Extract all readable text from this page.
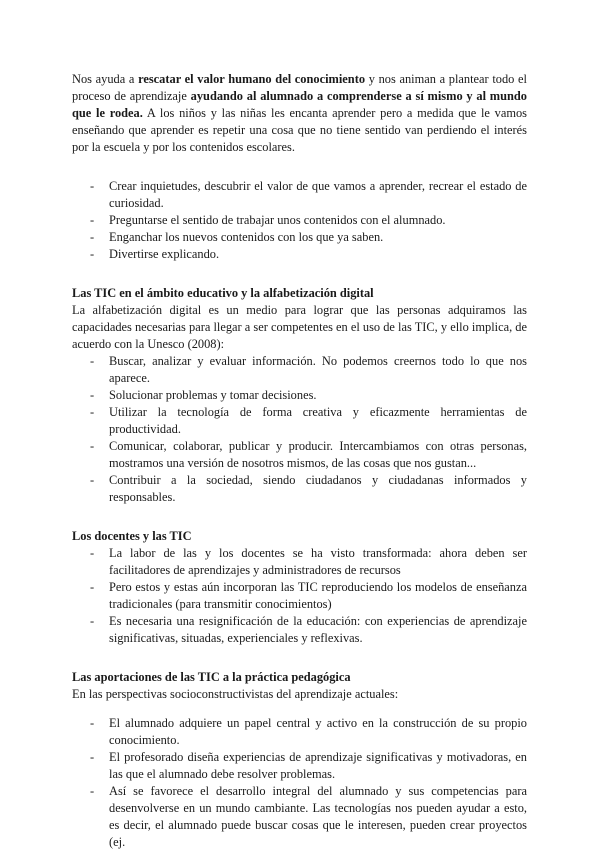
Nos ayuda a rescatar el valor humano del conocimiento y nos animan a plantear todo el proceso de aprendizaje ayudando al alumnado a comprenderse a sí mismo y al mundo que le rodea. A los niños y las niñas les encanta aprender pero a medida que le vamos enseñando que aprender es repetir una cosa que no tiene sentido van perdiendo el interés por la escuela y por los contenidos escolares.

- Crear inquietudes, descubrir el valor de que vamos a aprender, recrear el estado de curiosidad.
- Preguntarse el sentido de trabajar unos contenidos con el alumnado.
- Enganchar los nuevos contenidos con los que ya saben.
- Divertirse explicando.

Las TIC en el ámbito educativo y la alfabetización digital

La alfabetización digital es un medio para lograr que las personas adquiramos las capacidades necesarias para llegar a ser competentes en el uso de las TIC, y ello implica, de acuerdo con la Unesco (2008):

- Buscar, analizar y evaluar información. No podemos creernos todo lo que nos aparece.
- Solucionar problemas y tomar decisiones.
- Utilizar la tecnología de forma creativa y eficazmente herramientas de productividad.
- Comunicar, colaborar, publicar y producir. Intercambiamos con otras personas, mostramos una versión de nosotros mismos, de las cosas que nos gustan...
- Contribuir a la sociedad, siendo ciudadanos y ciudadanas informados y responsables.

Los docentes y las TIC

- La labor de las y los docentes se ha visto transformada: ahora deben ser facilitadores de aprendizajes y administradores de recursos
- Pero estos y estas aún incorporan las TIC reproduciendo los modelos de enseñanza tradicionales (para transmitir conocimientos)
- Es necesaria una resignificación de la educación: con experiencias de aprendizaje significativas, situadas, experienciales y reflexivas.

Las aportaciones de las TIC a la práctica pedagógica

En las perspectivas socioconstructivistas del aprendizaje actuales:

- El alumnado adquiere un papel central y activo en la construcción de su propio conocimiento.
- El profesorado diseña experiencias de aprendizaje significativas y motivadoras, en las que el alumnado debe resolver problemas.
- Así se favorece el desarrollo integral del alumnado y sus competencias para desenvolverse en un mundo cambiante. Las tecnologías nos pueden ayudar a esto, es decir, el alumnado puede buscar cosas que le interesen, pueden crear proyectos (ej.
